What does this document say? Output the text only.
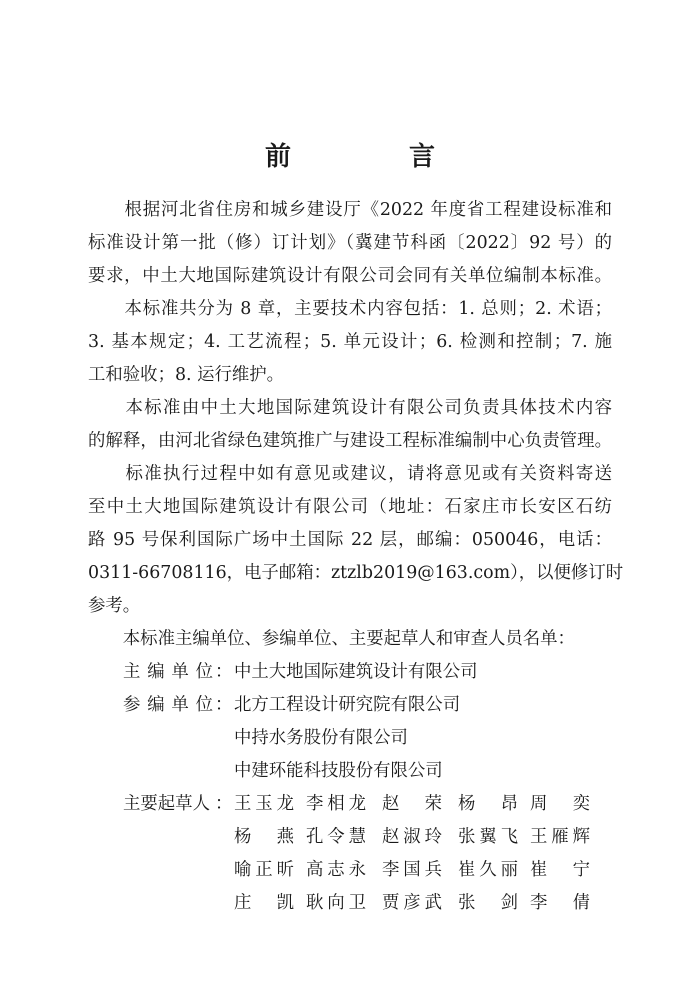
前　言
　　根据河北省住房和城乡建设厅《2022 年度省工程建设标准和
标准设计第一批（修）订计划》（冀建节科函〔2022〕92 号）的
要求，中土大地国际建筑设计有限公司会同有关单位编制本标准。
　　本标准共分为 8 章，主要技术内容包括：1. 总则；2. 术语；
3. 基本规定；4. 工艺流程；5. 单元设计；6. 检测和控制；7. 施
工和验收；8. 运行维护。
　　本标准由中土大地国际建筑设计有限公司负责具体技术内容
的解释，由河北省绿色建筑推广与建设工程标准编制中心负责管理。
　　标准执行过程中如有意见或建议，请将意见或有关资料寄送
至中土大地国际建筑设计有限公司（地址：石家庄市长安区石纺
路 95 号保利国际广场中土国际 22 层，邮编：050046，电话：
0311-66708116，电子邮箱：ztzlb2019@163.com），以便修订时
参考。
　　本标准主编单位、参编单位、主要起草人和审查人员名单：
主编单位 ： 中土大地国际建筑设计有限公司
参编单位 ： 北方工程设计研究院有限公司
中持水务股份有限公司
中建环能科技股份有限公司
主要起草人 ： 王玉龙 李相龙 赵　荣 杨　昂 周　奕
杨　燕 孔令慧 赵淑玲 张翼飞 王雁辉
喻正昕 高志永 李国兵 崔久丽 崔　宁
庄　凯 耿向卫 贾彦武 张　剑 李　倩
